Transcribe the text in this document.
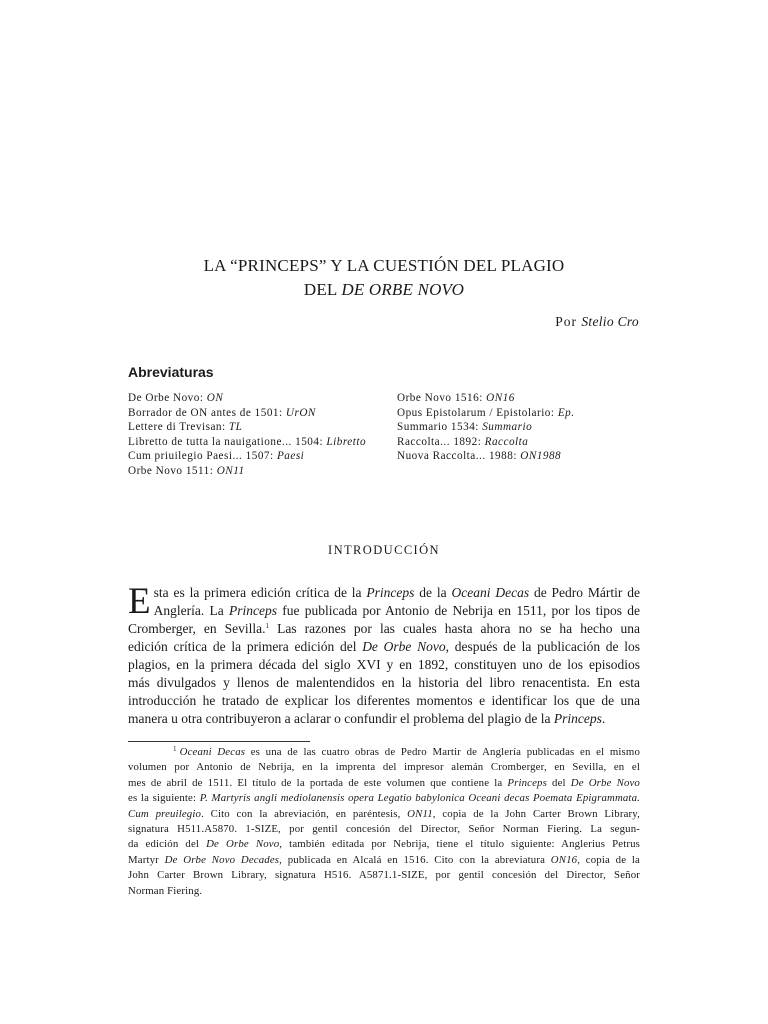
LA “PRINCEPS” Y LA CUESTIÓN DEL PLAGIO
DEL DE ORBE NOVO
Por Stelio Cro
Abreviaturas
De Orbe Novo: ON
Borrador de ON antes de 1501: UrON
Lettere di Trevisan: TL
Libretto de tutta la nauigatione... 1504: Libretto
Cum priuilegio Paesi... 1507: Paesi
Orbe Novo 1511: ON11
Orbe Novo 1516: ON16
Opus Epistolarum / Epistolario: Ep.
Summario 1534: Summario
Raccolta... 1892: Raccolta
Nuova Raccolta... 1988: ON1988
INTRODUCCIÓN
E sta es la primera edición crítica de la Princeps de la Oceani Decas de Pedro Mártir de
Anglería. La Princeps fue publicada por Antonio de Nebrija en 1511, por los tipos de
Cromberger, en Sevilla.$^1$ Las razones por las cuales hasta ahora no se ha hecho una
edición crítica de la primera edición del De Orbe Novo, después de la publicación de los
plagios, en la primera década del siglo XVI y en 1892, constituyen uno de los episodios
más divulgados y llenos de malentendidos en la historia del libro renacentista. En esta
introducción he tratado de explicar los diferentes momentos e identificar los que de una
manera u otra contribuyeron a aclarar o confundir el problema del plagio de la Princeps.
$^1$ Oceani Decas es una de las cuatro obras de Pedro Martir de Anglería publicadas en el mismo
volumen por Antonio de Nebrija, en la imprenta del impresor alemán Cromberger, en Sevilla, en el
mes de abril de 1511. El título de la portada de este volumen que contiene la Princeps del De Orbe Novo
es la siguiente: P. Martyris angli mediolanensis opera Legatio babylonica Oceani decas Poemata Epigrammata.
Cum preuilegio. Cito con la abreviación, en paréntesis, ON11, copia de la John Carter Brown Library,
signatura H511.A5870. 1-SIZE, por gentil concesión del Director, Señor Norman Fiering. La segun-
da edición del De Orbe Novo, también editada por Nebrija, tiene el título siguiente: Anglerius Petrus
Martyr De Orbe Novo Decades, publicada en Alcalá en 1516. Cito con la abreviatura ON16, copia de la
John Carter Brown Library, signatura H516. A5871.1-SIZE, por gentil concesión del Director, Señor
Norman Fiering.
